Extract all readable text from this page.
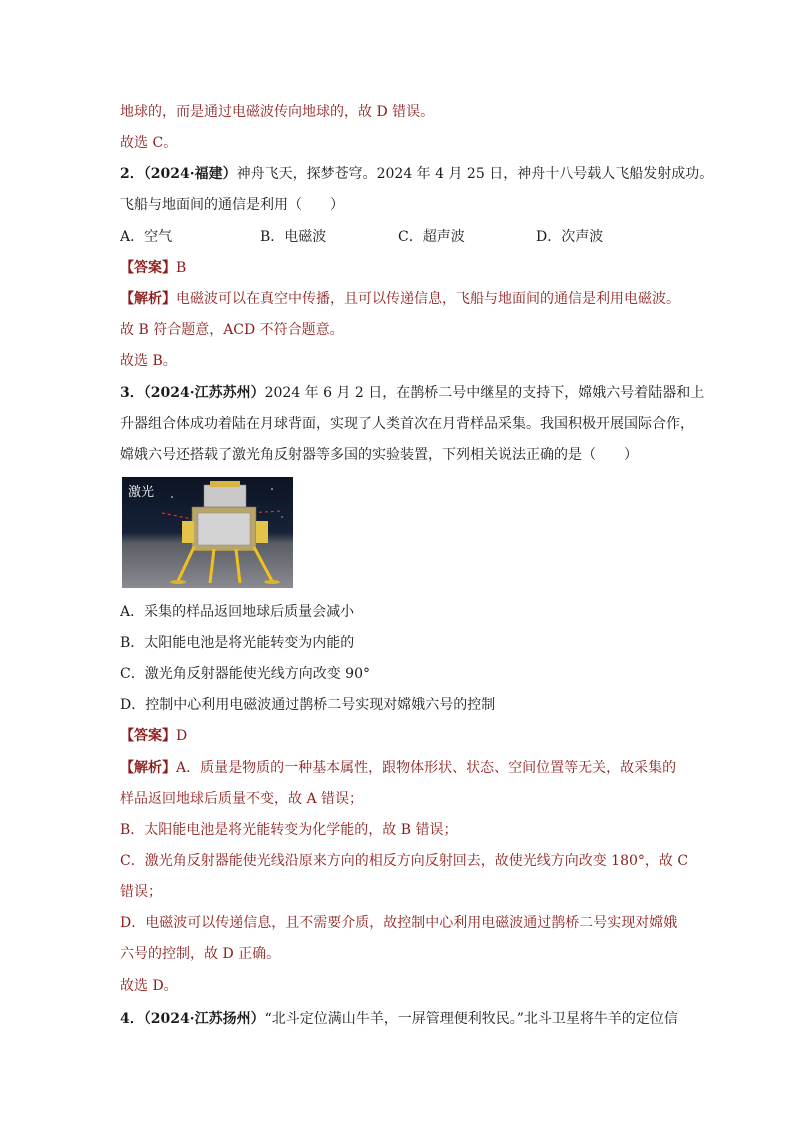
地球的，而是通过电磁波传向地球的，故 D 错误。
故选 C。
2．（2024·福建）神舟飞天，探梦苍穹。2024 年 4 月 25 日，神舟十八号载人飞船发射成功。
飞船与地面间的通信是利用（　　）
A．空气	B．电磁波	C．超声波	D．次声波
【答案】B
【解析】电磁波可以在真空中传播，且可以传递信息，飞船与地面间的通信是利用电磁波。
故 B 符合题意，ACD 不符合题意。
故选 B。
3．（2024·江苏苏州）2024 年 6 月 2 日，在鹊桥二号中继星的支持下，嫦娥六号着陆器和上
升器组合体成功着陆在月球背面，实现了人类首次在月背样品采集。我国积极开展国际合作，
嫦娥六号还搭载了激光角反射器等多国的实验装置，下列相关说法正确的是（　　）
激光
A．采集的样品返回地球后质量会减小
B．太阳能电池是将光能转变为内能的
C．激光角反射器能使光线方向改变 90°
D．控制中心利用电磁波通过鹊桥二号实现对嫦娥六号的控制
【答案】D
【解析】A．质量是物质的一种基本属性，跟物体形状、状态、空间位置等无关，故采集的
样品返回地球后质量不变，故 A 错误；
B．太阳能电池是将光能转变为化学能的，故 B 错误；
C．激光角反射器能使光线沿原来方向的相反方向反射回去，故使光线方向改变 180°，故 C
错误；
D．电磁波可以传递信息，且不需要介质，故控制中心利用电磁波通过鹊桥二号实现对嫦娥
六号的控制，故 D 正确。
故选 D。
4．（2024·江苏扬州）“北斗定位满山牛羊，一屏管理便利牧民。”北斗卫星将牛羊的定位信
